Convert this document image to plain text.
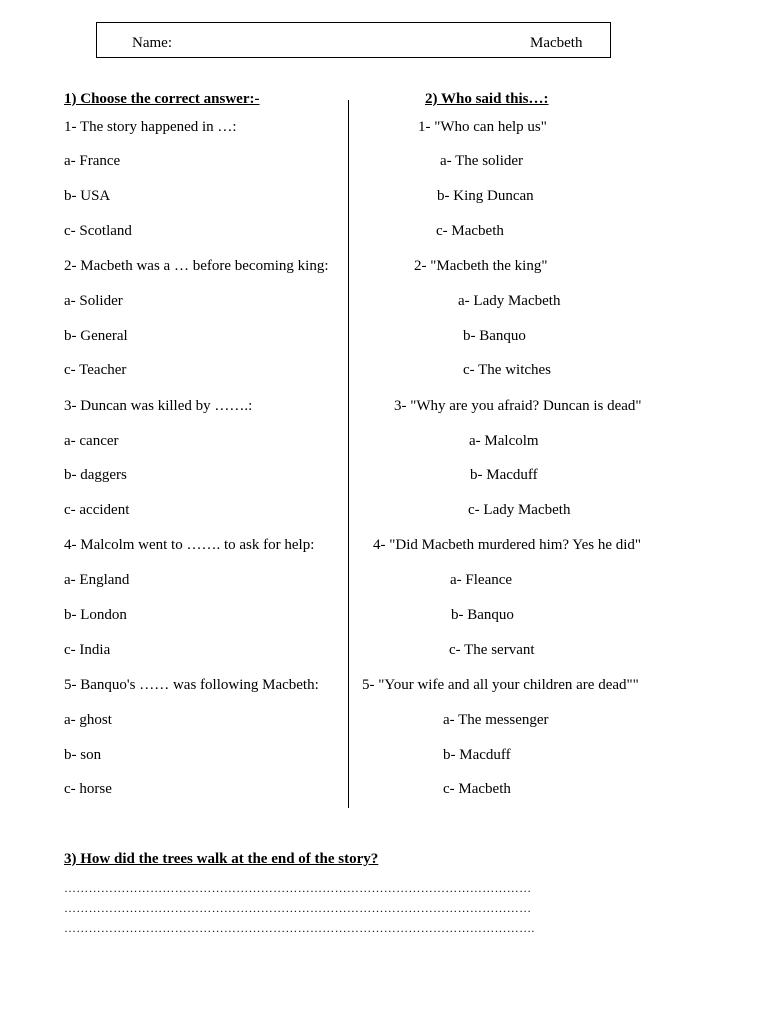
Name:	Macbeth
1) Choose the correct answer:-	2) Who said this…:
1- The story happened in …:
a- France
b- USA
c- Scotland
2- Macbeth was a … before becoming king:
a- Solider
b- General
c- Teacher
3- Duncan was killed by …….:
a- cancer
b- daggers
c- accident
4- Malcolm went to ……. to ask for help:
a- England
b- London
c- India
5- Banquo's …… was following Macbeth:
a- ghost
b- son
c- horse
1- "Who can help us"
a- The solider
b- King Duncan
c- Macbeth
2- "Macbeth the king"
a- Lady Macbeth
b- Banquo
c- The witches
3- "Why are you afraid? Duncan is dead"
a- Malcolm
b- Macduff
c- Lady Macbeth
4- "Did Macbeth murdered him? Yes he did"
a- Fleance
b- Banquo
c- The servant
5- "Your wife and all your children are dead""
a- The messenger
b- Macduff
c- Macbeth
3) How did the trees walk at the end of the story?
……………………………………………………………………………………………………
……………………………………………………………………………………………………
…………………………………………………………………………………………………….
